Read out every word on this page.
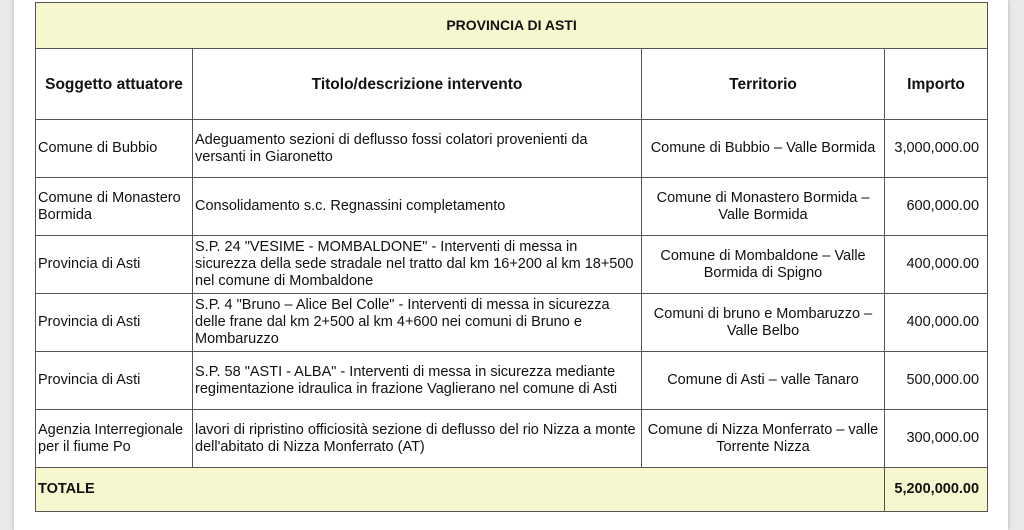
PROVINCIA DI ASTI			
Soggetto attuatore	Titolo/descrizione intervento	Territorio	Importo
Comune di Bubbio	Adeguamento sezioni di deflusso fossi colatori provenienti da versanti in Giaronetto	Comune di Bubbio – Valle Bormida	3,000,000.00
Comune di Monastero Bormida	Consolidamento s.c. Regnassini completamento	Comune di Monastero Bormida – Valle Bormida	600,000.00
Provincia di Asti	S.P. 24 "VESIME - MOMBALDONE" - Interventi di messa in sicurezza della sede stradale nel tratto dal km 16+200 al km 18+500 nel comune di Mombaldone	Comune di Mombaldone – Valle Bormida di Spigno	400,000.00
Provincia di Asti	S.P. 4 "Bruno – Alice Bel Colle" - Interventi di messa in sicurezza delle frane dal km 2+500 al km 4+600 nei comuni di Bruno e Mombaruzzo	Comuni di bruno e Mombaruzzo – Valle Belbo	400,000.00
Provincia di Asti	S.P. 58 "ASTI - ALBA" - Interventi di messa in sicurezza mediante regimentazione idraulica in frazione Vaglierano nel comune di Asti	Comune di Asti – valle Tanaro	500,000.00
Agenzia Interregionale per il fiume Po	lavori di ripristino officiosità sezione di deflusso del rio Nizza a monte dell'abitato di Nizza Monferrato (AT)	Comune di Nizza Monferrato – valle Torrente Nizza	300,000.00
TOTALE			5,200,000.00
